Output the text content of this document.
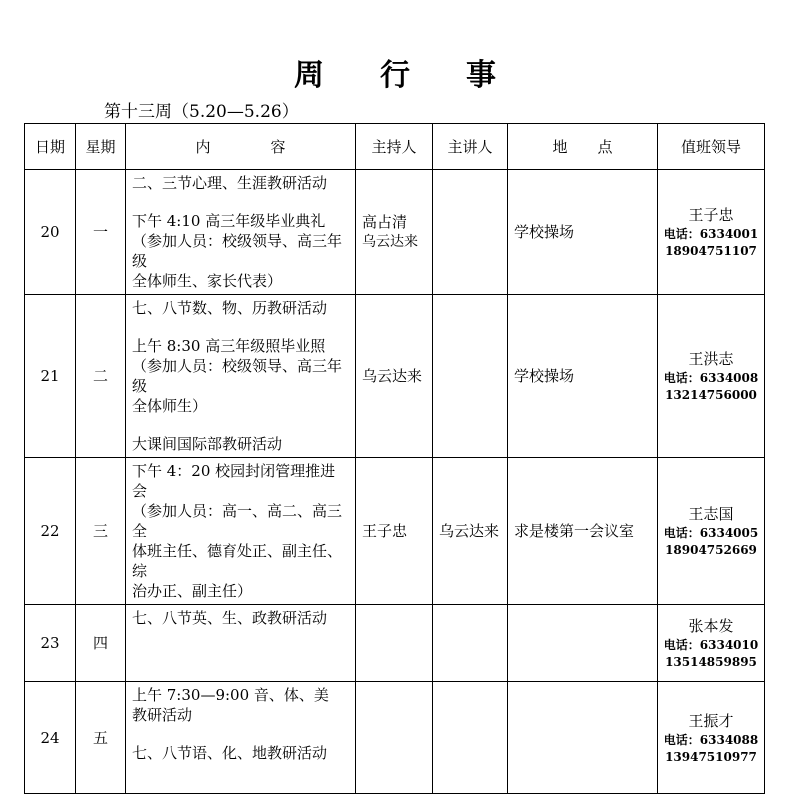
周 行 事
第十三周（5.20—5.26）
日期	星期	内　　　　容	主持人	主讲人	地　　点	值班领导
20	一	二、三节心理、生涯教研活动
下午 4:10 高三年级毕业典礼
（参加人员：校级领导、高三年级
全体师生、家长代表）	高占清
乌云达来		学校操场	王子忠
电话：6334001
18904751107

21	二	七、八节数、物、历教研活动
上午 8:30 高三年级照毕业照
（参加人员：校级领导、高三年级
全体师生）
大课间国际部教研活动	乌云达来		学校操场	王洪志
电话：6334008
13214756000

22	三	下午 4：20 校园封闭管理推进
会
（参加人员：高一、高二、高三全
体班主任、德育处正、副主任、综
治办正、副主任）	王子忠	乌云达来	求是楼第一会议室	王志国
电话：6334005
18904752669

23	四	七、八节英、生、政教研活动				张本发
电话：6334010
13514859895

24	五	上午 7:30—9:00 音、体、美
教研活动
七、八节语、化、地教研活动				王振才
电话：6334088
13947510977
